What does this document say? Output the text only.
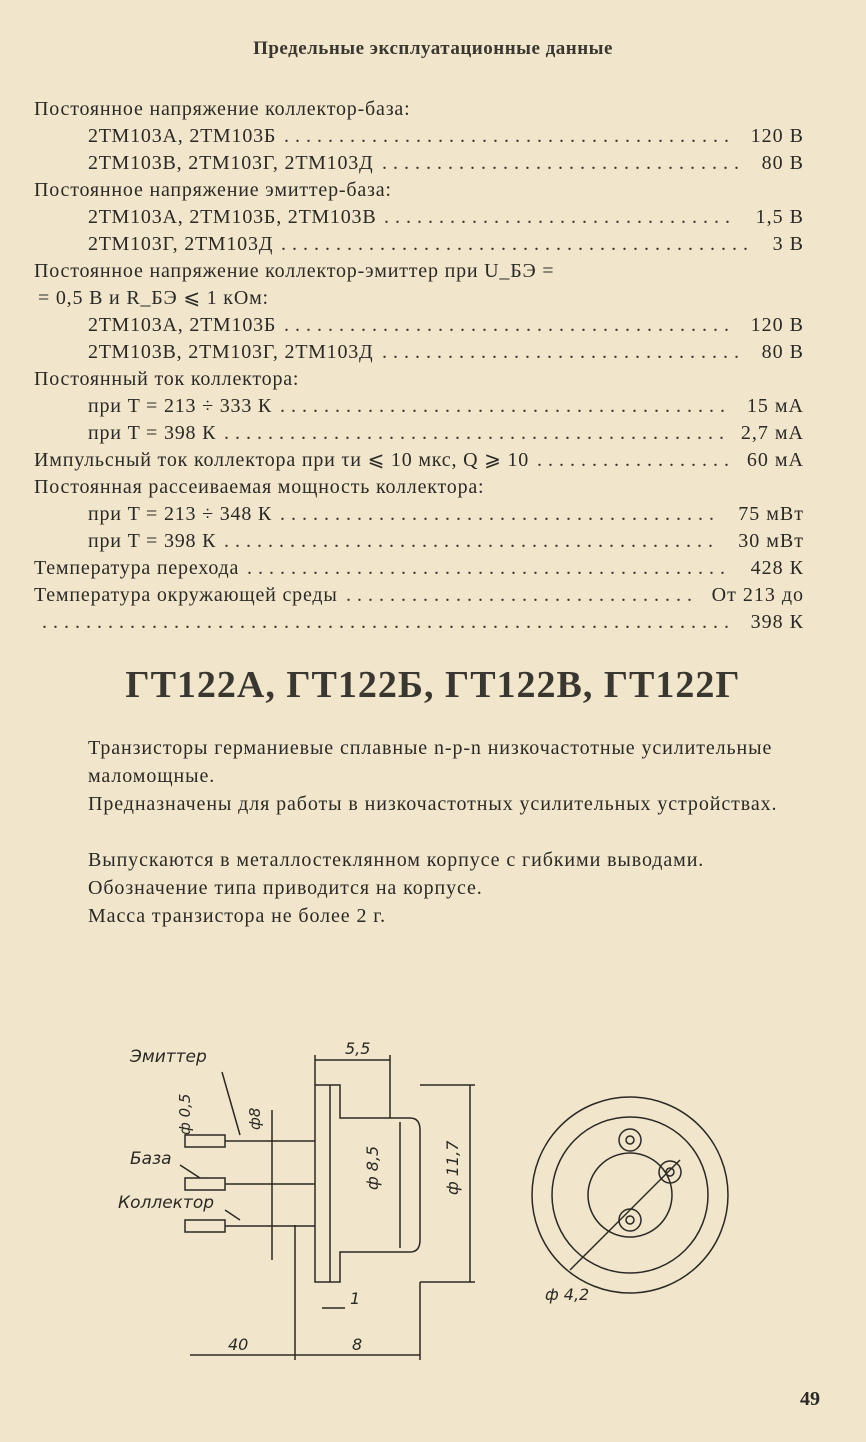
Предельные эксплуатационные данные
Постоянное напряжение коллектор-база:
2ТМ103А, 2ТМ103Б ......................................... 120 В
2ТМ103В, 2ТМ103Г, 2ТМ103Д ................................. 80 В
Постоянное напряжение эмиттер-база:
2ТМ103А, 2ТМ103Б, 2ТМ103В ................................ 1,5 В
2ТМ103Г, 2ТМ103Д ........................................... 3 В
Постоянное напряжение коллектор-эмиттер при U_БЭ =
= 0,5 В и R_БЭ ⩽ 1 кОм:
2ТМ103А, 2ТМ103Б ......................................... 120 В
2ТМ103В, 2ТМ103Г, 2ТМ103Д ................................. 80 В
Постоянный ток коллектора:
при T = 213 ÷ 333 К ......................................... 15 мА
при T = 398 К .............................................. 2,7 мА
Импульсный ток коллектора при τи ⩽ 10 мкс, Q ⩾ 10 .................. 60 мА
Постоянная рассеиваемая мощность коллектора:
при T = 213 ÷ 348 К ........................................ 75 мВт
при T = 398 К ............................................. 30 мВт
Температура перехода ............................................ 428 К
Температура окружающей среды ................................ От 213 до
............................................................... 398 К
ГТ122А, ГТ122Б, ГТ122В, ГТ122Г
Транзисторы германиевые сплавные n-p-n низкочастотные усилительные маломощные.
Предназначены для работы в низкочастотных усилительных устройствах.
Выпускаются в металлостеклянном корпусе с гибкими выводами. Обозначение типа приводится на корпусе.
Масса транзистора не более 2 г.
Эмиттер
База
Коллектор
5,5
ф 8,5	ф 11,7
ф 0,5	ф8
1
40	8
ф 4,2
49
